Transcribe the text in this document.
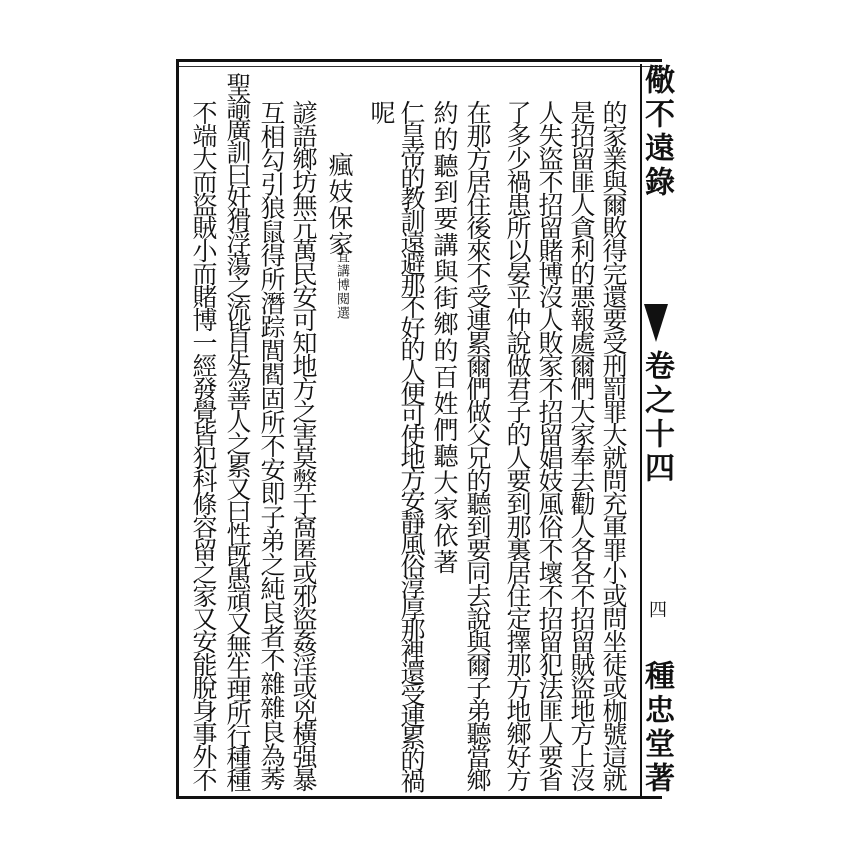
儆不遠錄
卷之十四
四
種忠堂著
的家業與爾敗得完還要受刑罰罪大就問充軍罪小或問坐徒或枷號這就
是招留匪人貪利的悪報處爾們大家奉去勸人各各不招留賊盜地方上沒
人失盜不招留賭博沒人敗家不招留娼妓風俗不壞不招留犯法匪人要省
了多少禍患所以晏平仲說做君子的人要到那裏居住定擇那方地鄉好方
在那方居住後來不受連累爾們做父兄的聽到要同去說與爾子弟聽當鄉
約的聽到要講與街鄉的百姓們聽大家依著
仁皇帝的教訓遠避那不好的人便可使地方安靜風俗淳厚那裡還受連累的禍
呢
瘋妓保家
宜講博閱選
諺語鄉坊無亢萬民安可知地方之害莫弊于窩匿或邪盜姦淫或兇橫强暴
互相勾引狼鼠得所潛踪閭閻固所不安即子弟之純良者不雜雜良為莠
聖諭廣訓曰奸猾浮蕩之流皆足為善人之累又曰性旣愚頑又無生理所行種種
不端大而盜賊小而賭博一經發覺皆犯科條容留之家又安能脫身事外不
